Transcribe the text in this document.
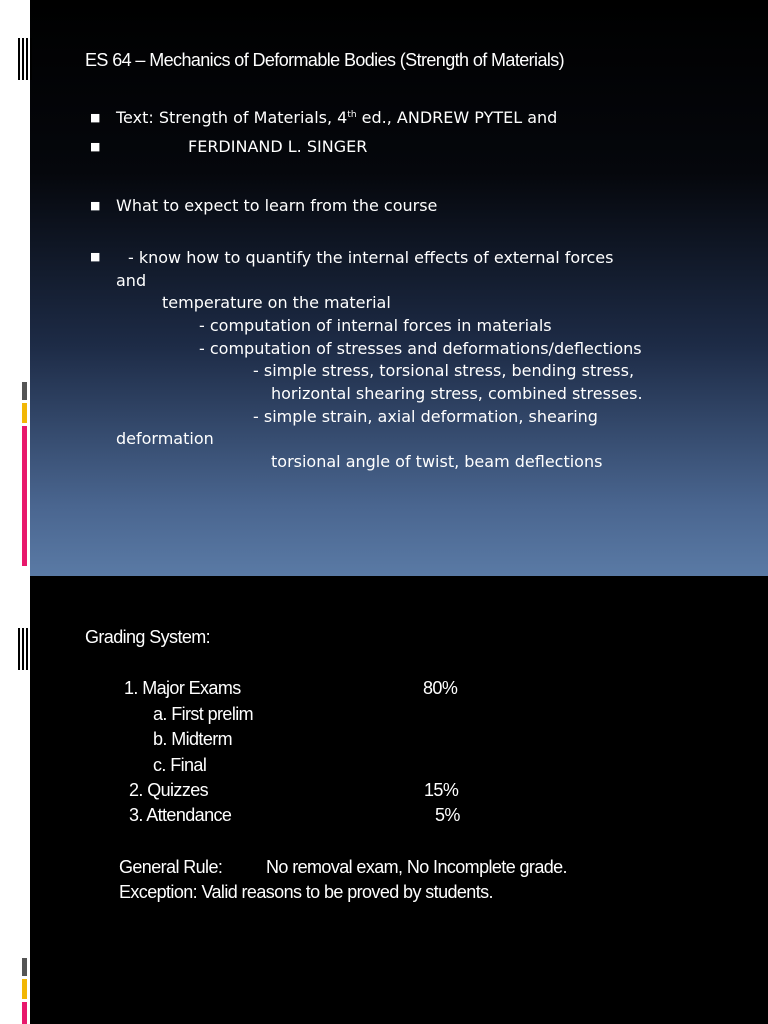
ES 64 – Mechanics of Deformable Bodies (Strength of Materials)
■ Text: Strength of Materials, 4th ed., ANDREW PYTEL and
■	FERDINAND L. SINGER
■ What to expect to learn from the course
■ - know how to quantify the internal effects of external forces
and
temperature on the material
- computation of internal forces in materials
- computation of stresses and deformations/deflections
- simple stress, torsional stress, bending stress,
horizontal shearing stress, combined stresses.
- simple strain, axial deformation, shearing
deformation
torsional angle of twist, beam deflections
Grading System:
1. Major Exams	80%
a. First prelim
b. Midterm
c. Final
2. Quizzes	15%
3. Attendance	5%
General Rule: No removal exam, No Incomplete grade.
Exception: Valid reasons to be proved by students.
